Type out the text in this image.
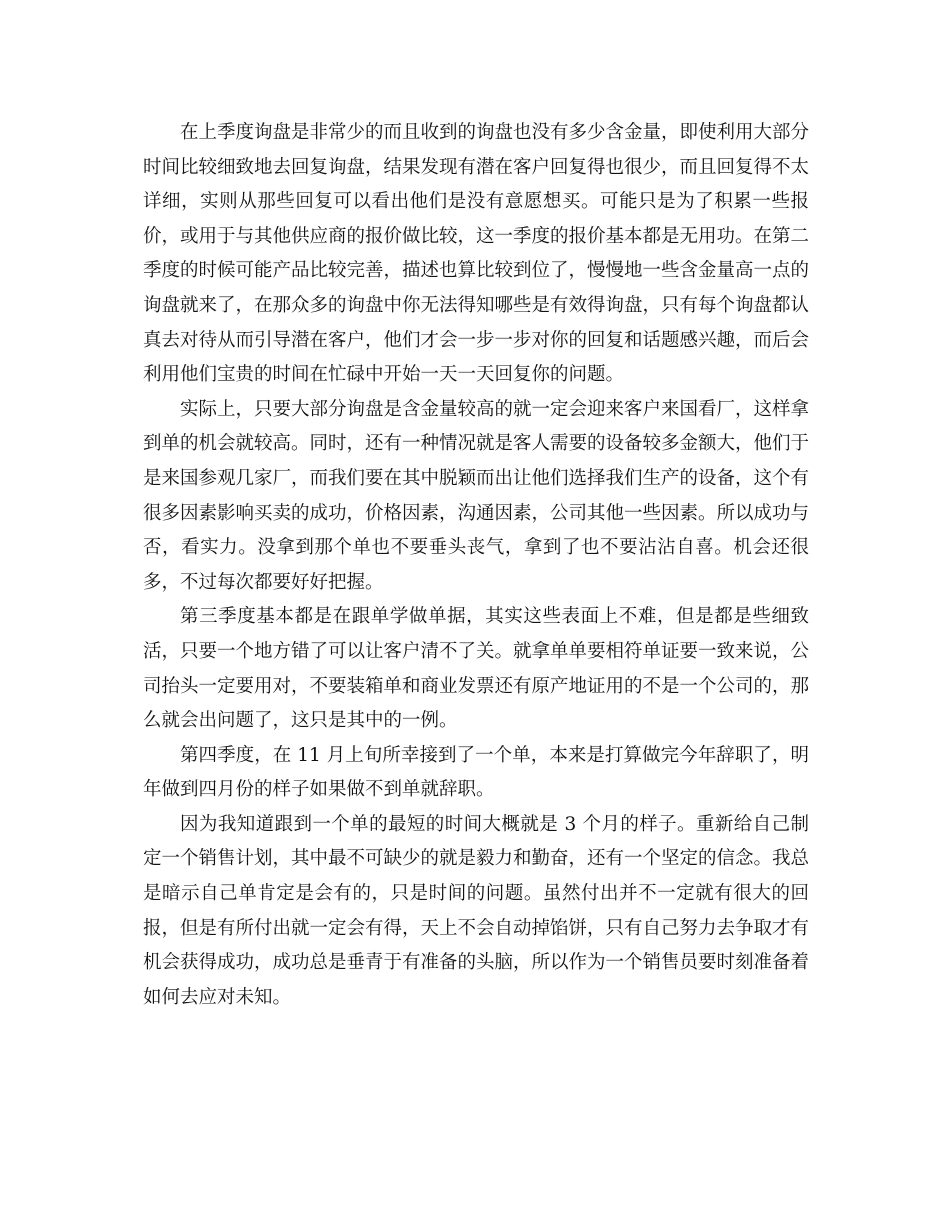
在上季度询盘是非常少的而且收到的询盘也没有多少含金量，即使利用大部分时间比较细致地去回复询盘，结果发现有潜在客户回复得也很少，而且回复得不太详细，实则从那些回复可以看出他们是没有意愿想买。可能只是为了积累一些报价，或用于与其他供应商的报价做比较，这一季度的报价基本都是无用功。在第二季度的时候可能产品比较完善，描述也算比较到位了，慢慢地一些含金量高一点的询盘就来了，在那众多的询盘中你无法得知哪些是有效得询盘，只有每个询盘都认真去对待从而引导潜在客户，他们才会一步一步对你的回复和话题感兴趣，而后会利用他们宝贵的时间在忙碌中开始一天一天回复你的问题。

实际上，只要大部分询盘是含金量较高的就一定会迎来客户来国看厂，这样拿到单的机会就较高。同时，还有一种情况就是客人需要的设备较多金额大，他们于是来国参观几家厂，而我们要在其中脱颖而出让他们选择我们生产的设备，这个有很多因素影响买卖的成功，价格因素，沟通因素，公司其他一些因素。所以成功与否，看实力。没拿到那个单也不要垂头丧气，拿到了也不要沾沾自喜。机会还很多，不过每次都要好好把握。

第三季度基本都是在跟单学做单据，其实这些表面上不难，但是都是些细致活，只要一个地方错了可以让客户清不了关。就拿单单要相符单证要一致来说，公司抬头一定要用对，不要装箱单和商业发票还有原产地证用的不是一个公司的，那么就会出问题了，这只是其中的一例。

第四季度，在 11 月上旬所幸接到了一个单，本来是打算做完今年辞职了，明年做到四月份的样子如果做不到单就辞职。

因为我知道跟到一个单的最短的时间大概就是 3 个月的样子。重新给自己制定一个销售计划，其中最不可缺少的就是毅力和勤奋，还有一个坚定的信念。我总是暗示自己单肯定是会有的，只是时间的问题。虽然付出并不一定就有很大的回报，但是有所付出就一定会有得，天上不会自动掉馅饼，只有自己努力去争取才有机会获得成功，成功总是垂青于有准备的头脑，所以作为一个销售员要时刻准备着如何去应对未知。
